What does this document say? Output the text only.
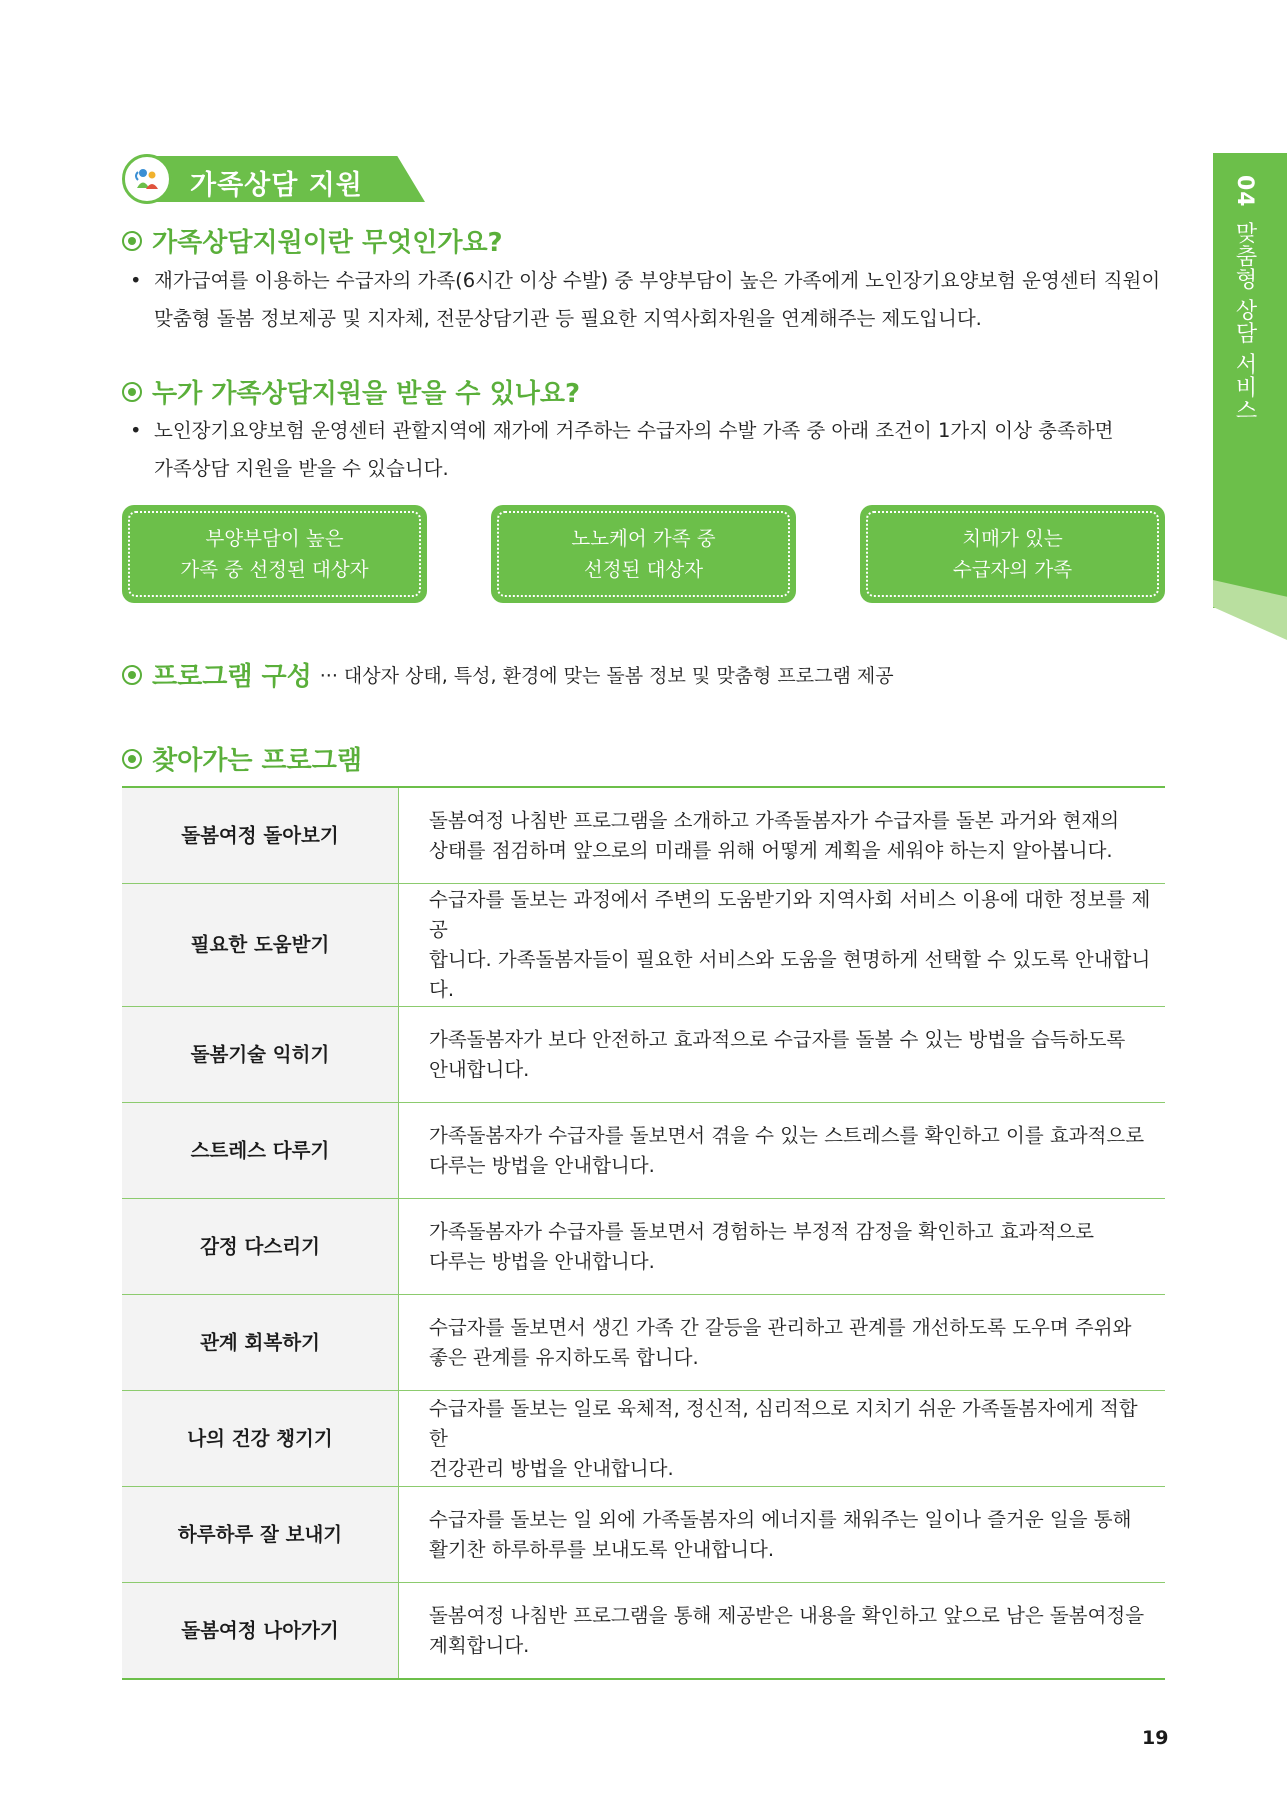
04맞춤형 상담 서비스
가족상담 지원
가족상담지원이란 무엇인가요?
• 재가급여를 이용하는 수급자의 가족(6시간 이상 수발) 중 부양부담이 높은 가족에게 노인장기요양보험 운영센터 직원이
맞춤형 돌봄 정보제공 및 지자체, 전문상담기관 등 필요한 지역사회자원을 연계해주는 제도입니다.
누가 가족상담지원을 받을 수 있나요?
• 노인장기요양보험 운영센터 관할지역에 재가에 거주하는 수급자의 수발 가족 중 아래 조건이 1가지 이상 충족하면
가족상담 지원을 받을 수 있습니다.
부양부담이 높은
가족 중 선정된 대상자
노노케어 가족 중
선정된 대상자
치매가 있는
수급자의 가족
프로그램 구성 ··· 대상자 상태, 특성, 환경에 맞는 돌봄 정보 및 맞춤형 프로그램 제공
찾아가는 프로그램
돌봄여정 돌아보기	돌봄여정 나침반 프로그램을 소개하고 가족돌봄자가 수급자를 돌본 과거와 현재의
상태를 점검하며 앞으로의 미래를 위해 어떻게 계획을 세워야 하는지 알아봅니다.

필요한 도움받기	수급자를 돌보는 과정에서 주변의 도움받기와 지역사회 서비스 이용에 대한 정보를 제공
합니다. 가족돌봄자들이 필요한 서비스와 도움을 현명하게 선택할 수 있도록 안내합니다.

돌봄기술 익히기	가족돌봄자가 보다 안전하고 효과적으로 수급자를 돌볼 수 있는 방법을 습득하도록
안내합니다.

스트레스 다루기	가족돌봄자가 수급자를 돌보면서 겪을 수 있는 스트레스를 확인하고 이를 효과적으로
다루는 방법을 안내합니다.

감정 다스리기	가족돌봄자가 수급자를 돌보면서 경험하는 부정적 감정을 확인하고 효과적으로
다루는 방법을 안내합니다.

관계 회복하기	수급자를 돌보면서 생긴 가족 간 갈등을 관리하고 관계를 개선하도록 도우며 주위와
좋은 관계를 유지하도록 합니다.

나의 건강 챙기기	수급자를 돌보는 일로 육체적, 정신적, 심리적으로 지치기 쉬운 가족돌봄자에게 적합한
건강관리 방법을 안내합니다.

하루하루 잘 보내기	수급자를 돌보는 일 외에 가족돌봄자의 에너지를 채워주는 일이나 즐거운 일을 통해
활기찬 하루하루를 보내도록 안내합니다.

돌봄여정 나아가기	돌봄여정 나침반 프로그램을 통해 제공받은 내용을 확인하고 앞으로 남은 돌봄여정을
계획합니다.
19
